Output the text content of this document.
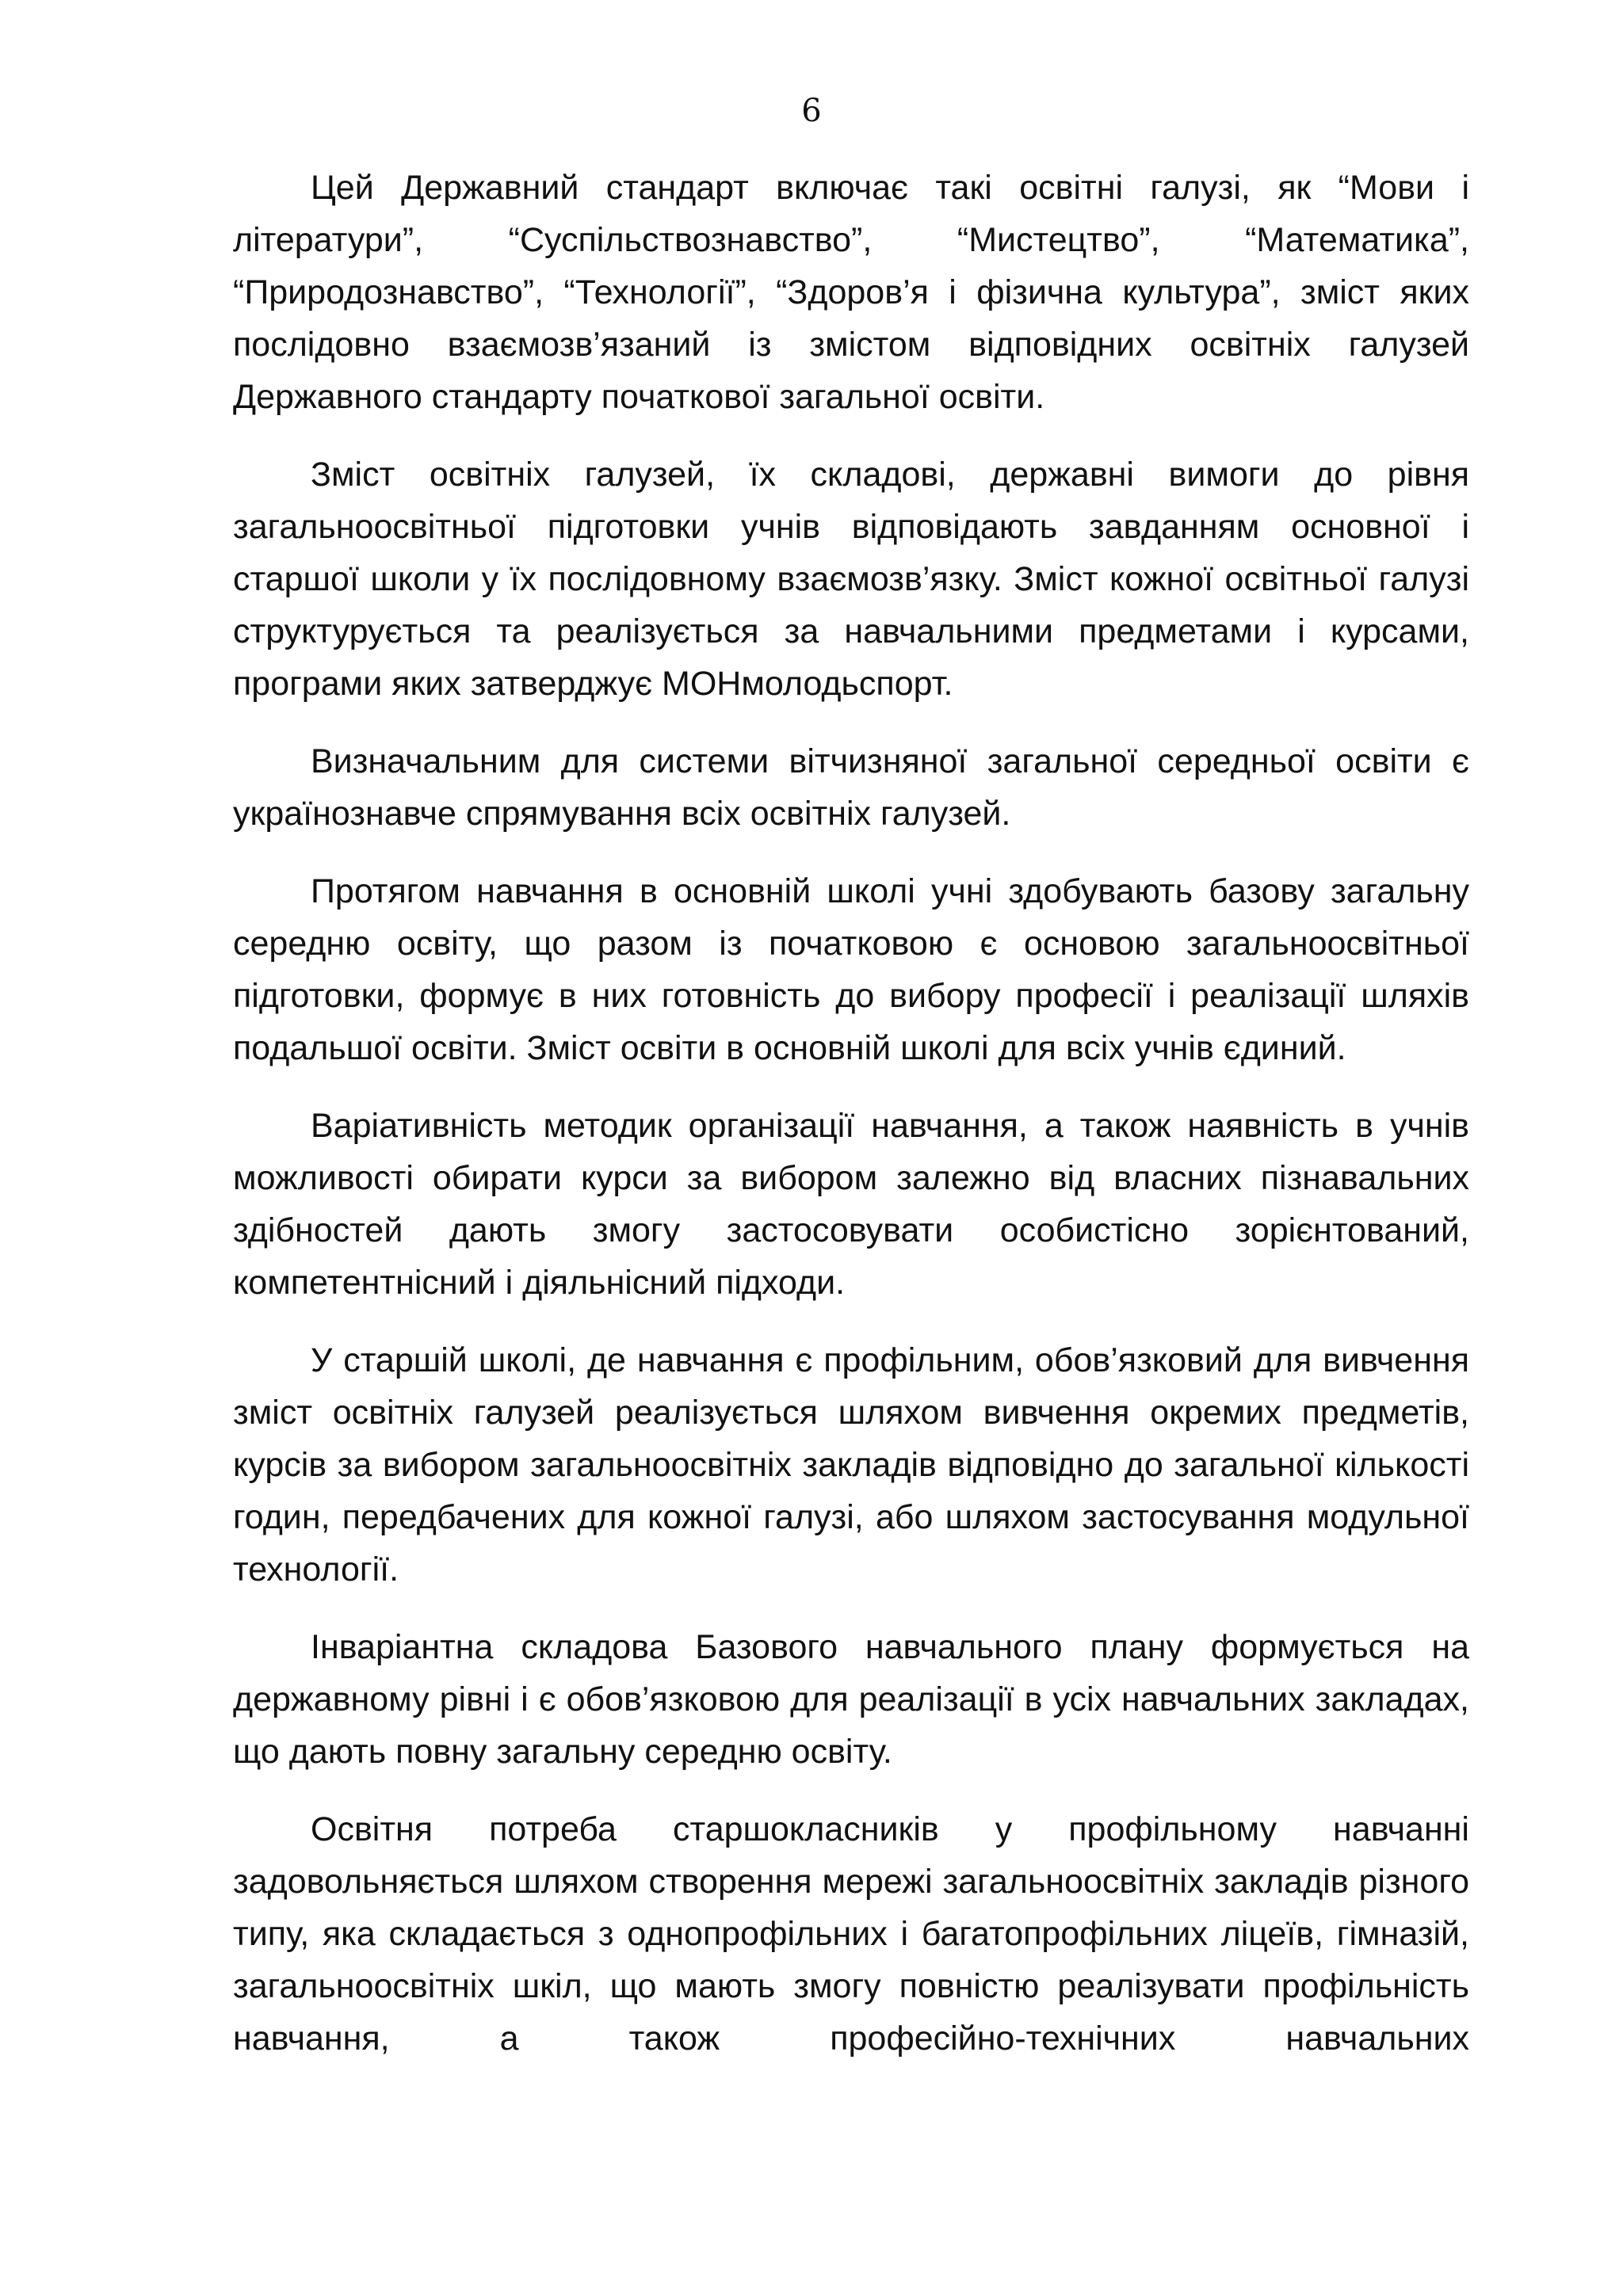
6

Цей Державний стандарт включає такі освітні галузі, як “Мови і літератури”, “Суспільствознавство”, “Мистецтво”, “Математика”, “Природознавство”, “Технології”, “Здоров’я і фізична культура”, зміст яких послідовно взаємозв’язаний із змістом відповідних освітніх галузей Державного стандарту початкової загальної освіти.

Зміст освітніх галузей, їх складові, державні вимоги до рівня загальноосвітньої підготовки учнів відповідають завданням основної і старшої школи у їх послідовному взаємозв’язку. Зміст кожної освітньої галузі структурується та реалізується за навчальними предметами і курсами, програми яких затверджує МОНмолодьспорт.

Визначальним для системи вітчизняної загальної середньої освіти є українознавче спрямування всіх освітніх галузей.

Протягом навчання в основній школі учні здобувають базову загальну середню освіту, що разом із початковою є основою загальноосвітньої підготовки, формує в них готовність до вибору професії і реалізації шляхів подальшої освіти. Зміст освіти в основній школі для всіх учнів єдиний.

Варіативність методик організації навчання, а також наявність в учнів можливості обирати курси за вибором залежно від власних пізнавальних здібностей дають змогу застосовувати особистісно зорієнтований, компетентнісний і діяльнісний підходи.

У старшій школі, де навчання є профільним, обов’язковий для вивчення зміст освітніх галузей реалізується шляхом вивчення окремих предметів, курсів за вибором загальноосвітніх закладів відповідно до загальної кількості годин, передбачених для кожної галузі, або шляхом застосування модульної технології.

Інваріантна складова Базового навчального плану формується на державному рівні і є обов’язковою для реалізації в усіх навчальних закладах, що дають повну загальну середню освіту.

Освітня потреба старшокласників у профільному навчанні задовольняється шляхом створення мережі загальноосвітніх закладів різного типу, яка складається з однопрофільних і багатопрофільних ліцеїв, гімназій, загальноосвітніх шкіл, що мають змогу повністю реалізувати профільність навчання, а також професійно-технічних навчальних
